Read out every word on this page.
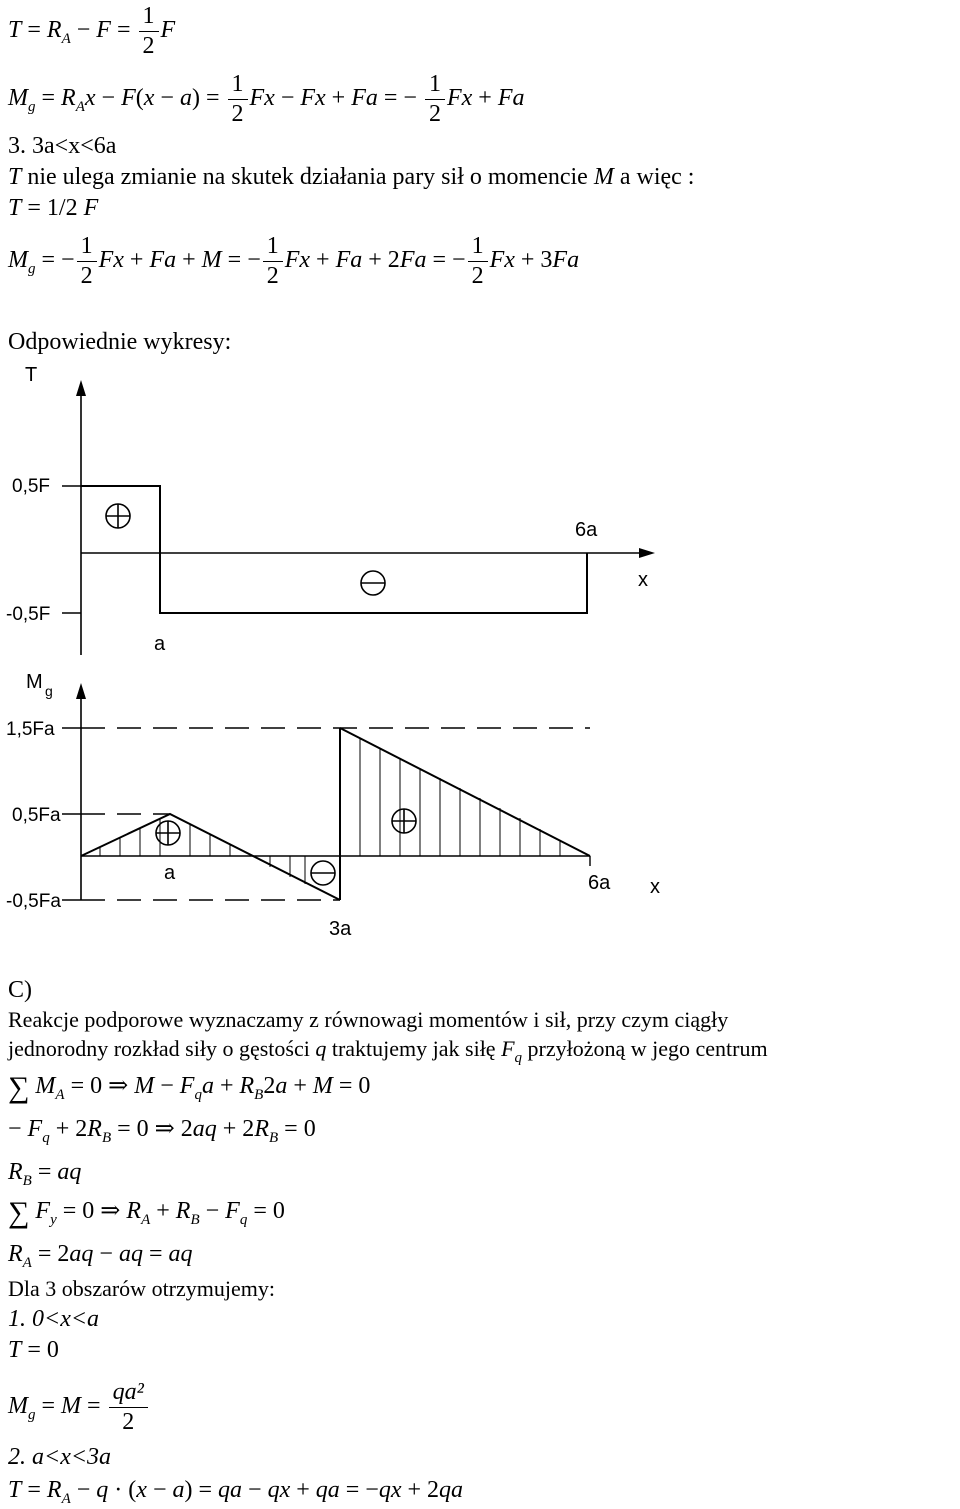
$T = R_A - F = \frac{1}{2}$ F
$M_g = R_Ax - F(x - a) = \frac{1}{2}$ Fx − Fx + Fa = − $\frac{1}{2}$ Fx + Fa
3. 3a<x<6a
T nie ulega zmianie na skutek działania pary sił o momencie M a więc :
T = 1/2 F
$M_g$ = − $\frac{1}{2}$ Fx + Fa + M = − $\frac{1}{2}$ Fx + Fa + 2Fa = − $\frac{1}{2}$ Fx + 3Fa
Odpowiednie wykresy:
T
x
0,5F
-0,5F
a
6a
M g
1,5Fa
0,5Fa
-0,5Fa
a
3a
6a x
C)
Reakcje podporowe wyznaczamy z równowagi momentów i sił, przy czym ciągły
jednorodny rozkład siły o gęstości q traktujemy jak siłę $F_q$ przyłożoną w jego centrum
∑ $M_A = 0$ ⇒ $M - F_qa + R_B2a + M = 0$
− $F_q + 2R_B = 0$ ⇒ $2aq + 2R_B = 0$
$R_B$ = aq
∑ $F_y = 0$ ⇒ $R_A + R_B - F_q = 0$
$R_A = 2aq$ − aq = aq
Dla 3 obszarów otrzymujemy:
1. 0<x<a
T = 0
$M_g = M = \frac{\text{qa²}}{2}$
2. a<x<3a
$T = R_A - q \cdot (x - a)$ = qa − qx + qa = −qx + 2qa
